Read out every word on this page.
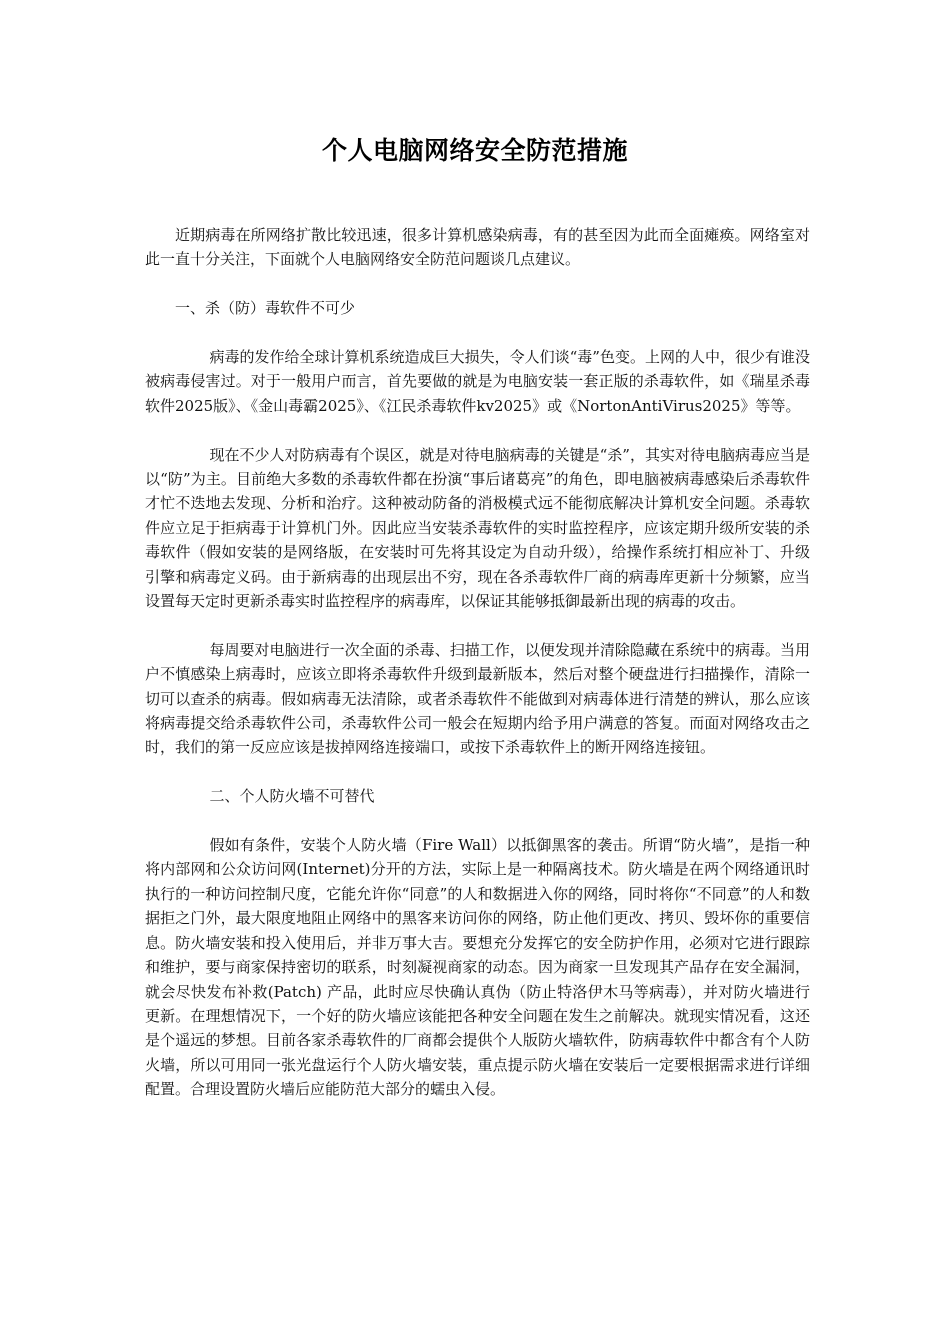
个人电脑网络安全防范措施

近期病毒在所网络扩散比较迅速，很多计算机感染病毒，有的甚至因为此而全面瘫痪。网络室对此一直十分关注，下面就个人电脑网络安全防范问题谈几点建议。

一、杀（防）毒软件不可少

病毒的发作给全球计算机系统造成巨大损失，令人们谈“毒”色变。上网的人中，很少有谁没被病毒侵害过。对于一般用户而言，首先要做的就是为电脑安装一套正版的杀毒软件，如《瑞星杀毒软件2025版》、《金山毒霸2025》、《江民杀毒软件kv2025》或《NortonAntiVirus2025》等等。

现在不少人对防病毒有个误区，就是对待电脑病毒的关键是“杀”，其实对待电脑病毒应当是以“防”为主。目前绝大多数的杀毒软件都在扮演“事后诸葛亮”的角色，即电脑被病毒感染后杀毒软件才忙不迭地去发现、分析和治疗。这种被动防备的消极模式远不能彻底解决计算机安全问题。杀毒软件应立足于拒病毒于计算机门外。因此应当安装杀毒软件的实时监控程序，应该定期升级所安装的杀毒软件（假如安装的是网络版，在安装时可先将其设定为自动升级），给操作系统打相应补丁、升级引擎和病毒定义码。由于新病毒的出现层出不穷，现在各杀毒软件厂商的病毒库更新十分频繁，应当设置每天定时更新杀毒实时监控程序的病毒库，以保证其能够抵御最新出现的病毒的攻击。

每周要对电脑进行一次全面的杀毒、扫描工作，以便发现并清除隐藏在系统中的病毒。当用户不慎感染上病毒时，应该立即将杀毒软件升级到最新版本，然后对整个硬盘进行扫描操作，清除一切可以查杀的病毒。假如病毒无法清除，或者杀毒软件不能做到对病毒体进行清楚的辨认，那么应该将病毒提交给杀毒软件公司，杀毒软件公司一般会在短期内给予用户满意的答复。而面对网络攻击之时，我们的第一反应应该是拔掉网络连接端口，或按下杀毒软件上的断开网络连接钮。

二、个人防火墙不可替代

假如有条件，安装个人防火墙（Fire Wall）以抵御黑客的袭击。所谓“防火墙”，是指一种将内部网和公众访问网(Internet)分开的方法，实际上是一种隔离技术。防火墙是在两个网络通讯时执行的一种访问控制尺度，它能允许你“同意”的人和数据进入你的网络，同时将你“不同意”的人和数据拒之门外，最大限度地阻止网络中的黑客来访问你的网络，防止他们更改、拷贝、毁坏你的重要信息。防火墙安装和投入使用后，并非万事大吉。要想充分发挥它的安全防护作用，必须对它进行跟踪和维护，要与商家保持密切的联系，时刻凝视商家的动态。因为商家一旦发现其产品存在安全漏洞，就会尽快发布补救(Patch) 产品，此时应尽快确认真伪（防止特洛伊木马等病毒），并对防火墙进行更新。在理想情况下，一个好的防火墙应该能把各种安全问题在发生之前解决。就现实情况看，这还是个遥远的梦想。目前各家杀毒软件的厂商都会提供个人版防火墙软件，防病毒软件中都含有个人防火墙，所以可用同一张光盘运行个人防火墙安装，重点提示防火墙在安装后一定要根据需求进行详细配置。合理设置防火墙后应能防范大部分的蠕虫入侵。
